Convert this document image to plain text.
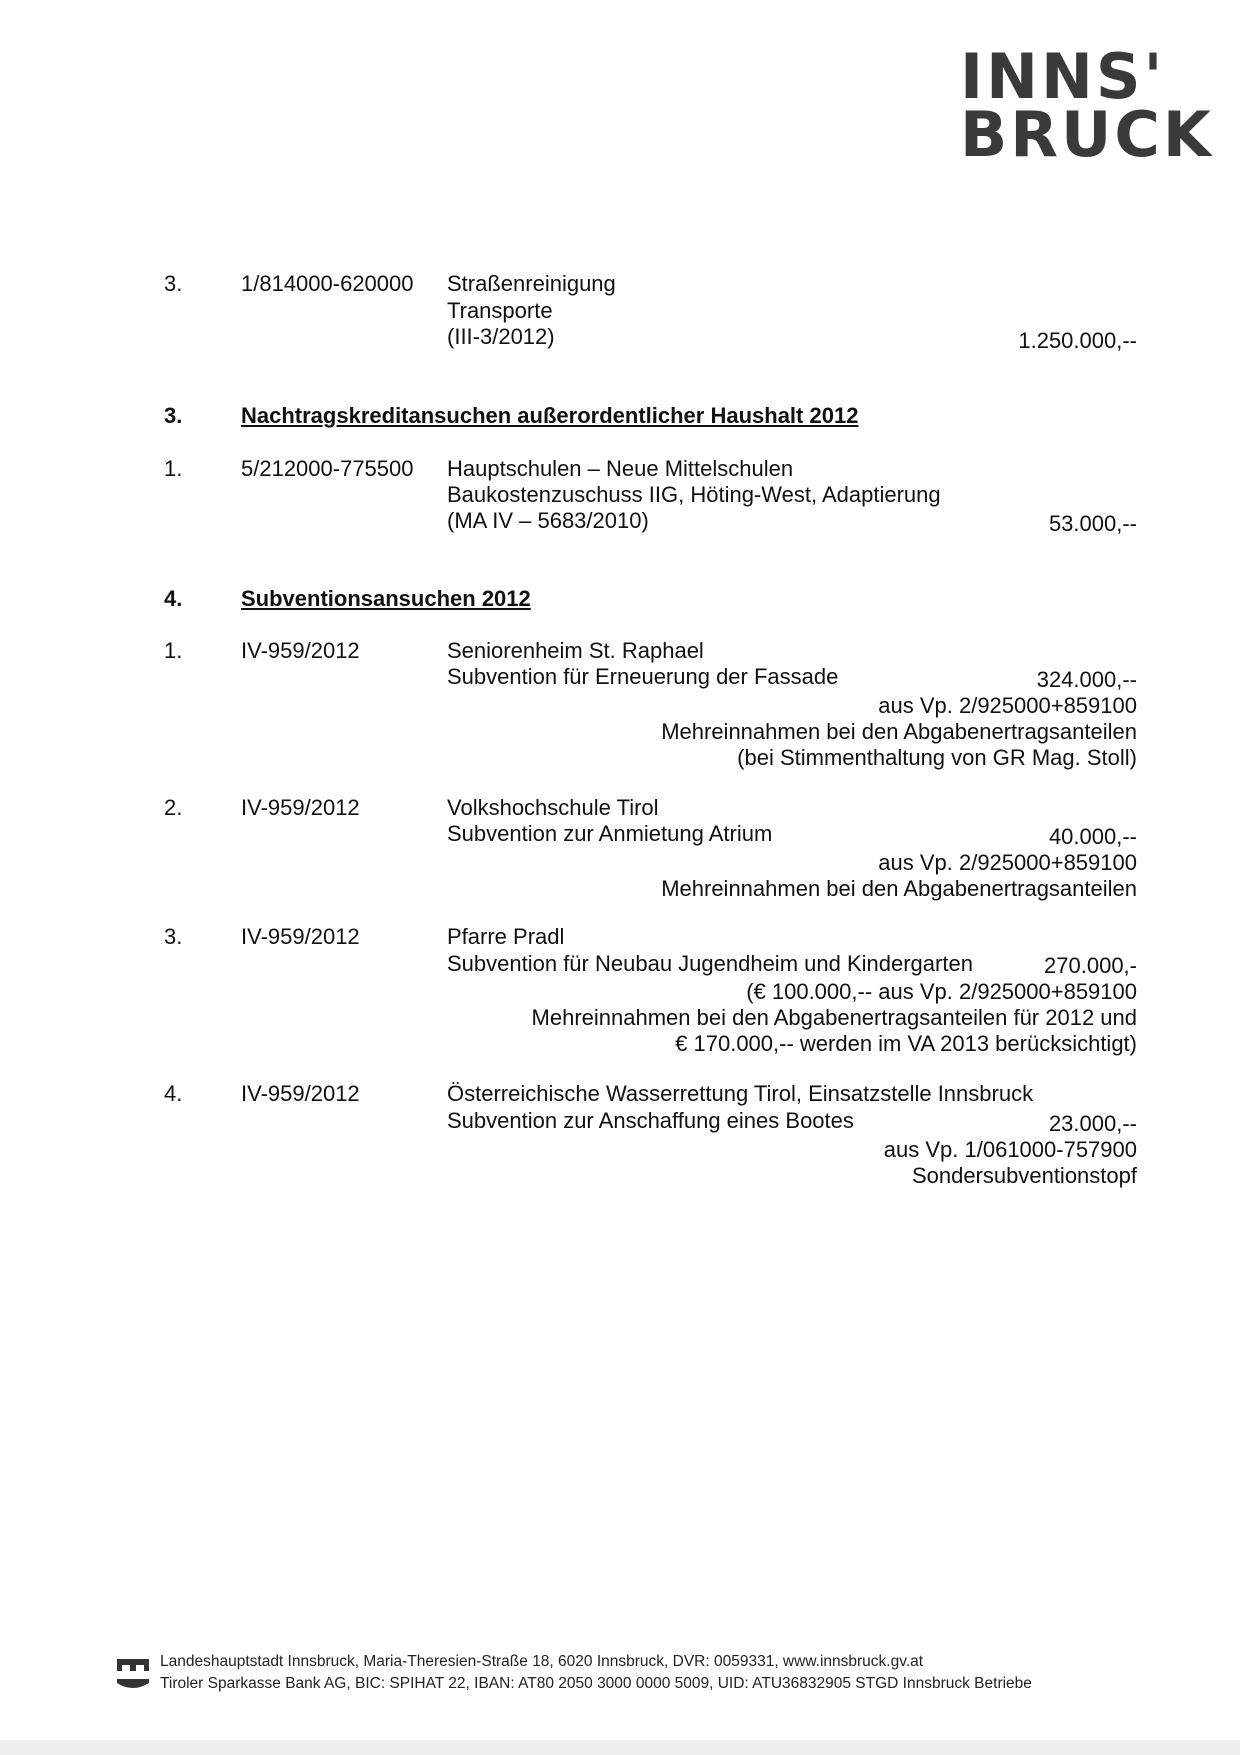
INNS'
BRUCK
3.	1/814000-620000 Straßenreinigung
Transporte
(III-3/2012)	1.250.000,--
3.	Nachtragskreditansuchen außerordentlicher Haushalt 2012
1.	5/212000-775500 Hauptschulen – Neue Mittelschulen
Baukostenzuschuss IIG, Höting-West, Adaptierung
(MA IV – 5683/2010)	53.000,--
4.	Subventionsansuchen 2012
1.	IV-959/2012	Seniorenheim St. Raphael
Subvention für Erneuerung der Fassade	324.000,--
aus Vp. 2/925000+859100
Mehreinnahmen bei den Abgabenertragsanteilen
(bei Stimmenthaltung von GR Mag. Stoll)
2.	IV-959/2012	Volkshochschule Tirol
Subvention zur Anmietung Atrium	40.000,--
aus Vp. 2/925000+859100
Mehreinnahmen bei den Abgabenertragsanteilen
3.	IV-959/2012	Pfarre Pradl
Subvention für Neubau Jugendheim und Kindergarten	270.000,-
(€ 100.000,-- aus Vp. 2/925000+859100
Mehreinnahmen bei den Abgabenertragsanteilen für 2012 und
€ 170.000,-- werden im VA 2013 berücksichtigt)
4.	IV-959/2012	Österreichische Wasserrettung Tirol, Einsatzstelle Innsbruck
Subvention zur Anschaffung eines Bootes	23.000,--
aus Vp. 1/061000-757900
Sondersubventionstopf
Landeshauptstadt Innsbruck, Maria-Theresien-Straße 18, 6020 Innsbruck, DVR: 0059331, www.innsbruck.gv.at
Tiroler Sparkasse Bank AG, BIC: SPIHAT 22, IBAN: AT80 2050 3000 0000 5009, UID: ATU36832905 STGD Innsbruck Betriebe
